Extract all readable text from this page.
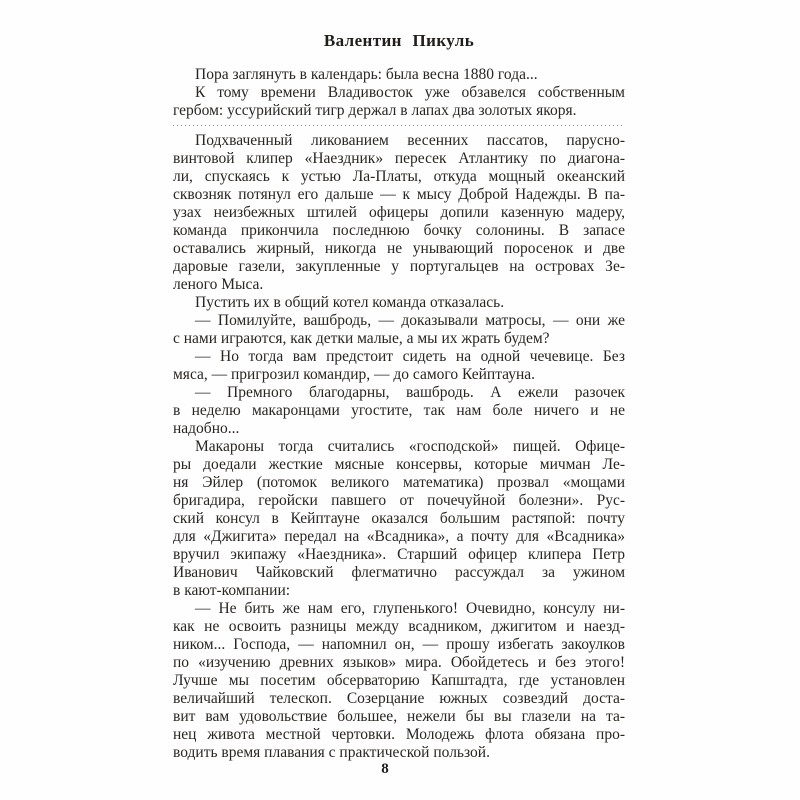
Валентин Пикуль

Пора заглянуть в календарь: была весна 1880 года...

К тому времени Владивосток уже обзавелся собственным
гербом: уссурийский тигр держал в лапах два золотых якоря.

Подхваченный ликованием весенних пассатов, парусно-
винтовой клипер «Наездник» пересек Атлантику по диагона-
ли, спускаясь к устью Ла-Платы, откуда мощный океанский
сквозняк потянул его дальше — к мысу Доброй Надежды. В па-
узах неизбежных штилей офицеры допили казенную мадеру,
команда прикончила последнюю бочку солонины. В запасе
оставались жирный, никогда не унывающий поросенок и две
даровые газели, закупленные у португальцев на островах Зе-
леного Мыса.

Пустить их в общий котел команда отказалась.

— Помилуйте, вашбродь, — доказывали матросы, — они же
с нами играются, как детки малые, а мы их жрать будем?

— Но тогда вам предстоит сидеть на одной чечевице. Без
мяса, — пригрозил командир, — до самого Кейптауна.

— Премного благодарны, вашбродь. А ежели разочек
в неделю макаронцами угостите, так нам боле ничего и не
надобно...

Макароны тогда считались «господской» пищей. Офице-
ры доедали жесткие мясные консервы, которые мичман Ле-
ня Эйлер (потомок великого математика) прозвал «мощами
бригадира, геройски павшего от почечуйной болезни». Рус-
ский консул в Кейптауне оказался большим растяпой: почту
для «Джигита» передал на «Всадника», а почту для «Всадника»
вручил экипажу «Наездника». Старший офицер клипера Петр
Иванович Чайковский флегматично рассуждал за ужином
в кают-компании:

— Не бить же нам его, глупенького! Очевидно, консулу ни-
как не освоить разницы между всадником, джигитом и наезд-
ником... Господа, — напомнил он, — прошу избегать закоулков
по «изучению древних языков» мира. Обойдетесь и без этого!
Лучше мы посетим обсерваторию Капштадта, где установлен
величайший телескоп. Созерцание южных созвездий доста-
вит вам удовольствие большее, нежели бы вы глазели на та-
нец живота местной чертовки. Молодежь флота обязана про-
водить время плавания с практической пользой.

8
